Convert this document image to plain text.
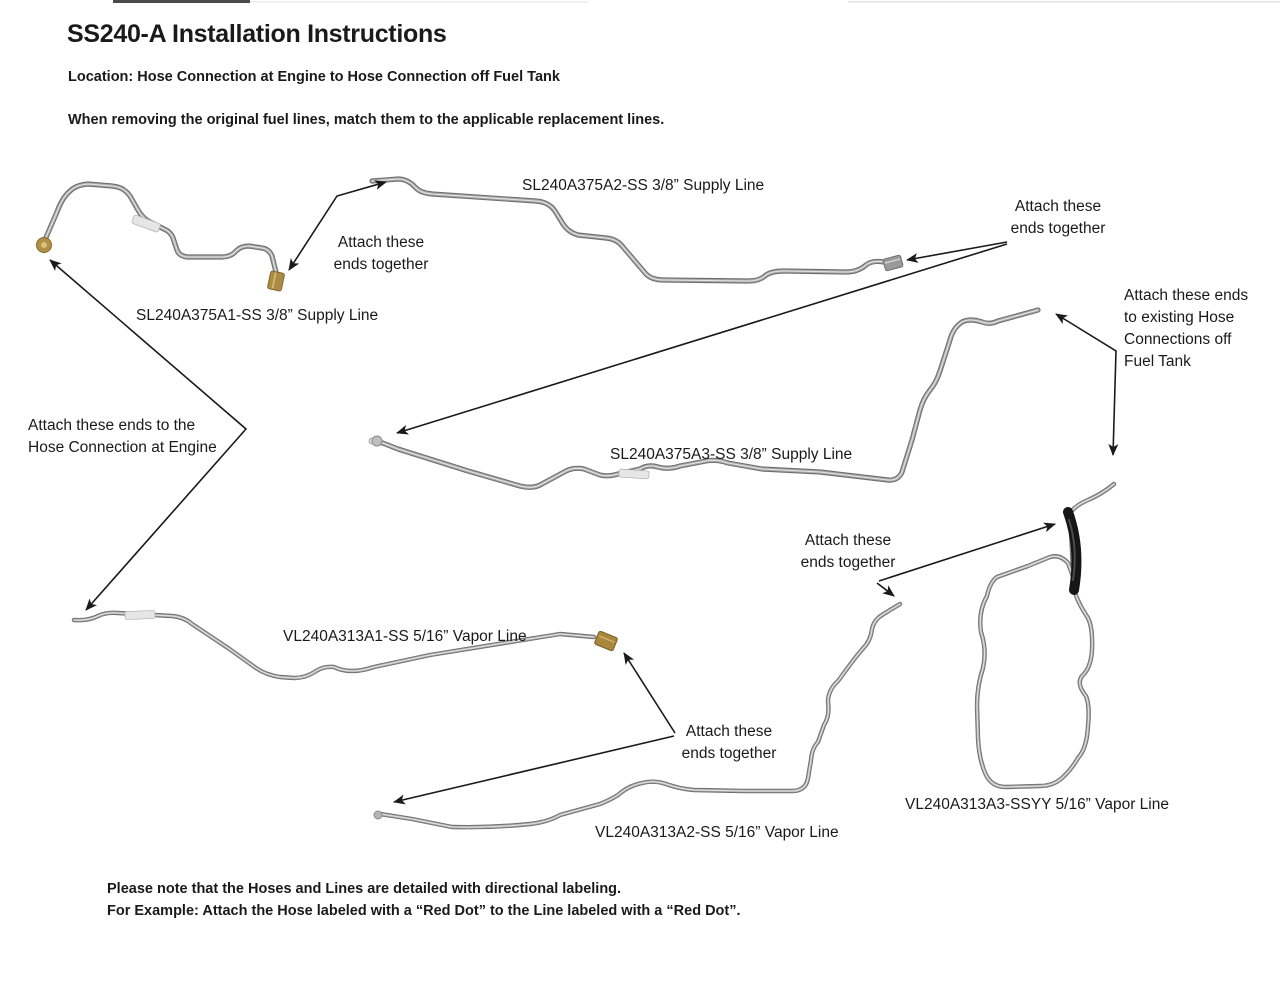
SS240-A Installation Instructions
Location: Hose Connection at Engine to Hose Connection off Fuel Tank
When removing the original fuel lines, match them to the applicable replacement lines.
SL240A375A2-SS 3/8” Supply Line
SL240A375A1-SS 3/8” Supply Line
SL240A375A3-SS 3/8” Supply Line
VL240A313A1-SS 5/16” Vapor Line
VL240A313A3-SSYY 5/16” Vapor Line
VL240A313A2-SS 5/16” Vapor Line
Attach these
ends together
Attach these
ends together
Attach these ends
to existing Hose
Connections off
Fuel Tank
Attach these ends to the
Hose Connection at Engine
Attach these
ends together
Attach these
ends together
Please note that the Hoses and Lines are detailed with directional labeling.
For Example: Attach the Hose labeled with a “Red Dot” to the Line labeled with a “Red Dot”.
